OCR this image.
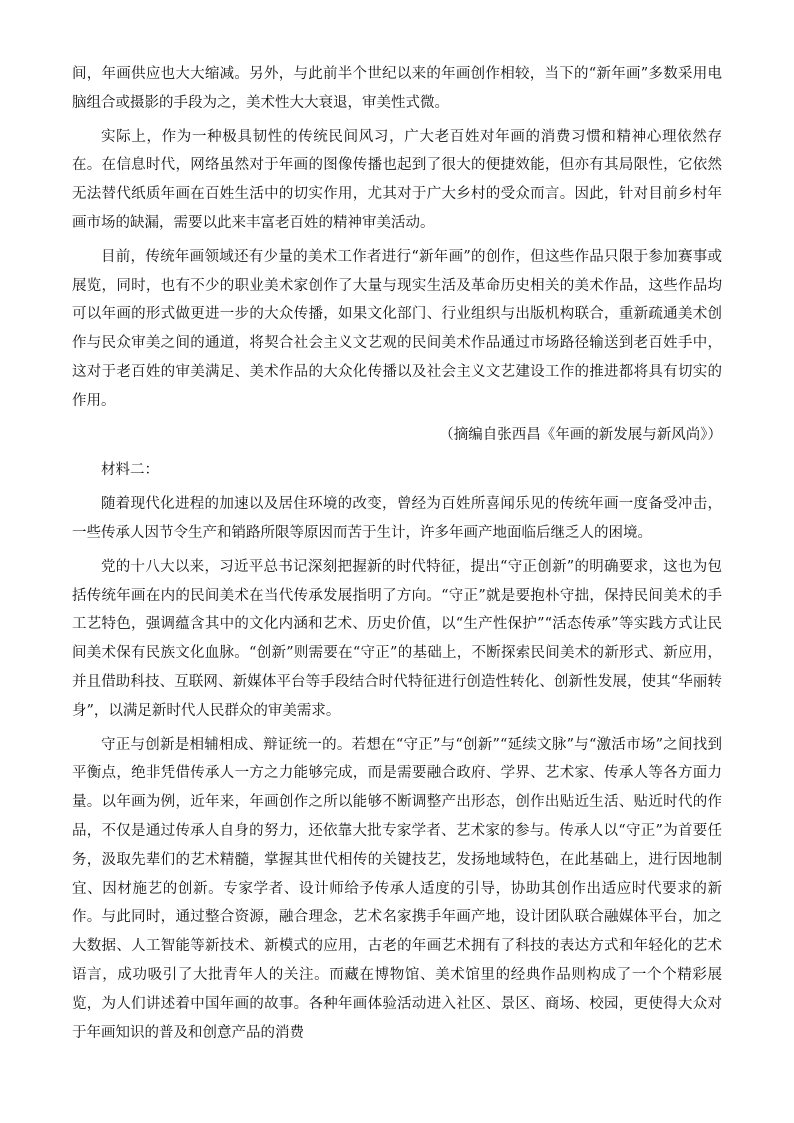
间，年画供应也大大缩减。另外，与此前半个世纪以来的年画创作相较，当下的“新年画”多数采用电脑组合或摄影的手段为之，美术性大大衰退，审美性式微。

实际上，作为一种极具韧性的传统民间风习，广大老百姓对年画的消费习惯和精神心理依然存在。在信息时代，网络虽然对于年画的图像传播也起到了很大的便捷效能，但亦有其局限性，它依然无法替代纸质年画在百姓生活中的切实作用，尤其对于广大乡村的受众而言。因此，针对目前乡村年画市场的缺漏，需要以此来丰富老百姓的精神审美活动。

目前，传统年画领域还有少量的美术工作者进行“新年画”的创作，但这些作品只限于参加赛事或展览，同时，也有不少的职业美术家创作了大量与现实生活及革命历史相关的美术作品，这些作品均可以年画的形式做更进一步的大众传播，如果文化部门、行业组织与出版机构联合，重新疏通美术创作与民众审美之间的通道，将契合社会主义文艺观的民间美术作品通过市场路径输送到老百姓手中，这对于老百姓的审美满足、美术作品的大众化传播以及社会主义文艺建设工作的推进都将具有切实的作用。

（摘编自张西昌《年画的新发展与新风尚》）

材料二：

随着现代化进程的加速以及居住环境的改变，曾经为百姓所喜闻乐见的传统年画一度备受冲击，一些传承人因节令生产和销路所限等原因而苦于生计，许多年画产地面临后继乏人的困境。

党的十八大以来，习近平总书记深刻把握新的时代特征，提出“守正创新”的明确要求，这也为包括传统年画在内的民间美术在当代传承发展指明了方向。“守正”就是要抱朴守拙，保持民间美术的手工艺特色，强调蕴含其中的文化内涵和艺术、历史价值，以“生产性保护”“活态传承”等实践方式让民间美术保有民族文化血脉。“创新”则需要在“守正”的基础上，不断探索民间美术的新形式、新应用，并且借助科技、互联网、新媒体平台等手段结合时代特征进行创造性转化、创新性发展，使其“华丽转身”，以满足新时代人民群众的审美需求。

守正与创新是相辅相成、辩证统一的。若想在“守正”与“创新”“延续文脉”与“激活市场”之间找到平衡点，绝非凭借传承人一方之力能够完成，而是需要融合政府、学界、艺术家、传承人等各方面力量。以年画为例，近年来，年画创作之所以能够不断调整产出形态，创作出贴近生活、贴近时代的作品，不仅是通过传承人自身的努力，还依靠大批专家学者、艺术家的参与。传承人以“守正”为首要任务，汲取先辈们的艺术精髓，掌握其世代相传的关键技艺，发扬地域特色，在此基础上，进行因地制宜、因材施艺的创新。专家学者、设计师给予传承人适度的引导，协助其创作出适应时代要求的新作。与此同时，通过整合资源，融合理念，艺术名家携手年画产地，设计团队联合融媒体平台，加之大数据、人工智能等新技术、新模式的应用，古老的年画艺术拥有了科技的表达方式和年轻化的艺术语言，成功吸引了大批青年人的关注。而藏在博物馆、美术馆里的经典作品则构成了一个个精彩展览，为人们讲述着中国年画的故事。各种年画体验活动进入社区、景区、商场、校园，更使得大众对于年画知识的普及和创意产品的消费
